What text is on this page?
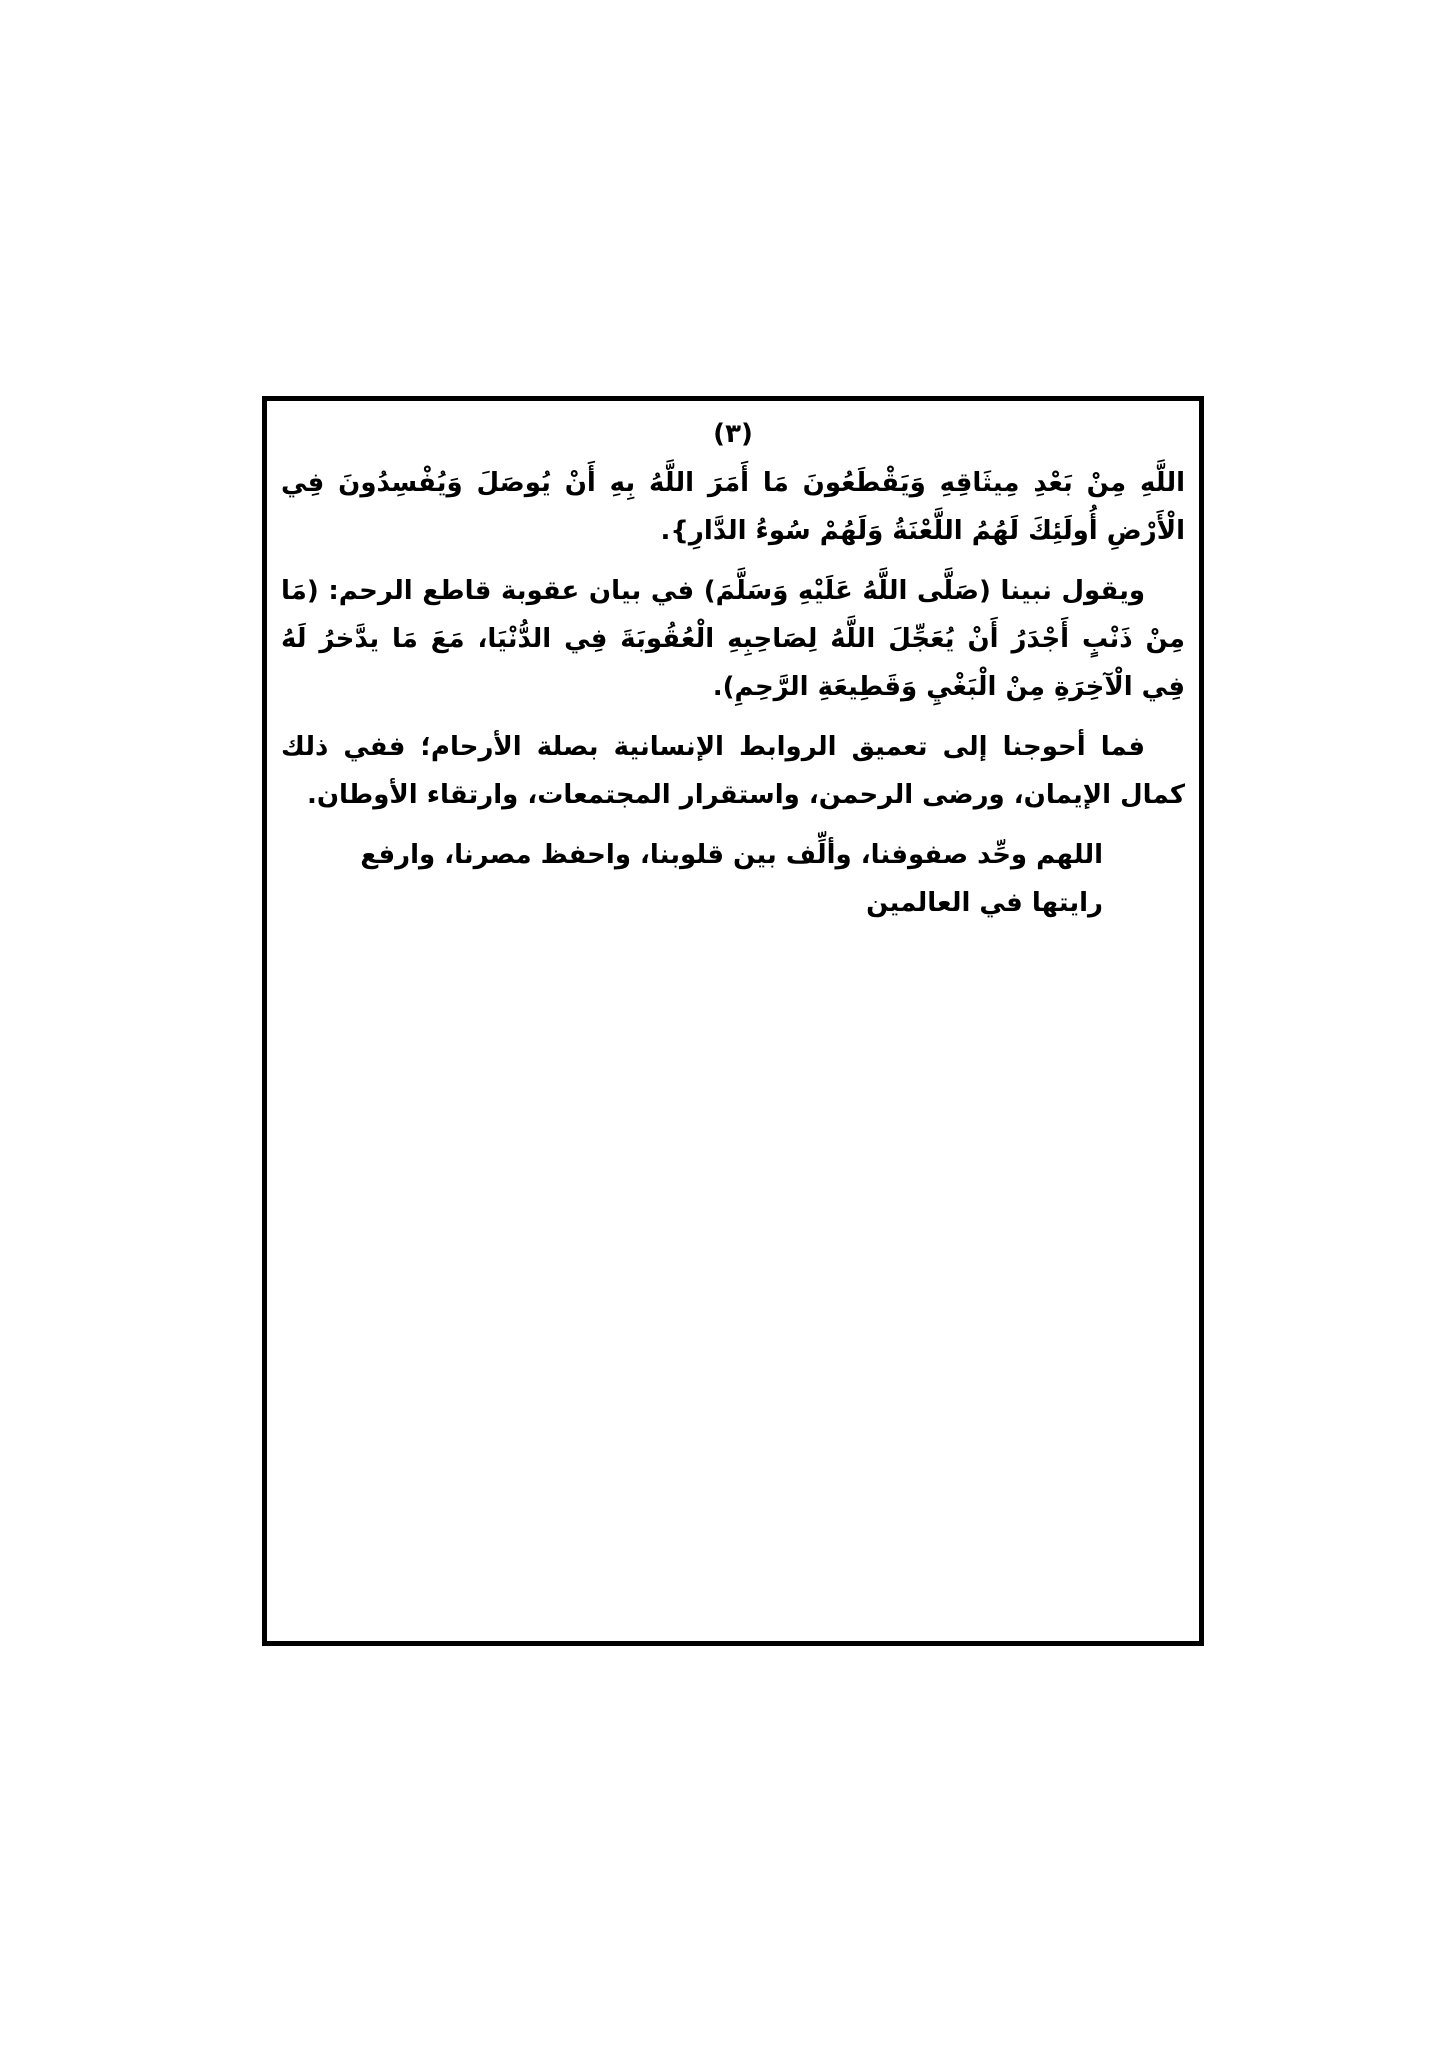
(٣)

اللَّهِ مِنْ بَعْدِ مِيثَاقِهِ وَيَقْطَعُونَ مَا أَمَرَ اللَّهُ بِهِ أَنْ يُوصَلَ وَيُفْسِدُونَ فِي الْأَرْضِ أُولَئِكَ لَهُمُ اللَّعْنَةُ وَلَهُمْ سُوءُ الدَّارِ}.

ويقول نبينا (صَلَّى اللَّهُ عَلَيْهِ وَسَلَّمَ) في بيان عقوبة قاطع الرحم: (مَا مِنْ ذَنْبٍ أَجْدَرُ أَنْ يُعَجِّلَ اللَّهُ لِصَاحِبِهِ الْعُقُوبَةَ فِي الدُّنْيَا، مَعَ مَا يدَّخرُ لَهُ فِي الْآخِرَةِ مِنْ الْبَغْيِ وَقَطِيعَةِ الرَّحِمِ).

فما أحوجنا إلى تعميق الروابط الإنسانية بصلة الأرحام؛ ففي ذلك كمال الإيمان، ورضى الرحمن، واستقرار المجتمعات، وارتقاء الأوطان.

اللهم وحِّد صفوفنا، وألِّف بين قلوبنا، واحفظ مصرنا، وارفع رايتها في العالمين
